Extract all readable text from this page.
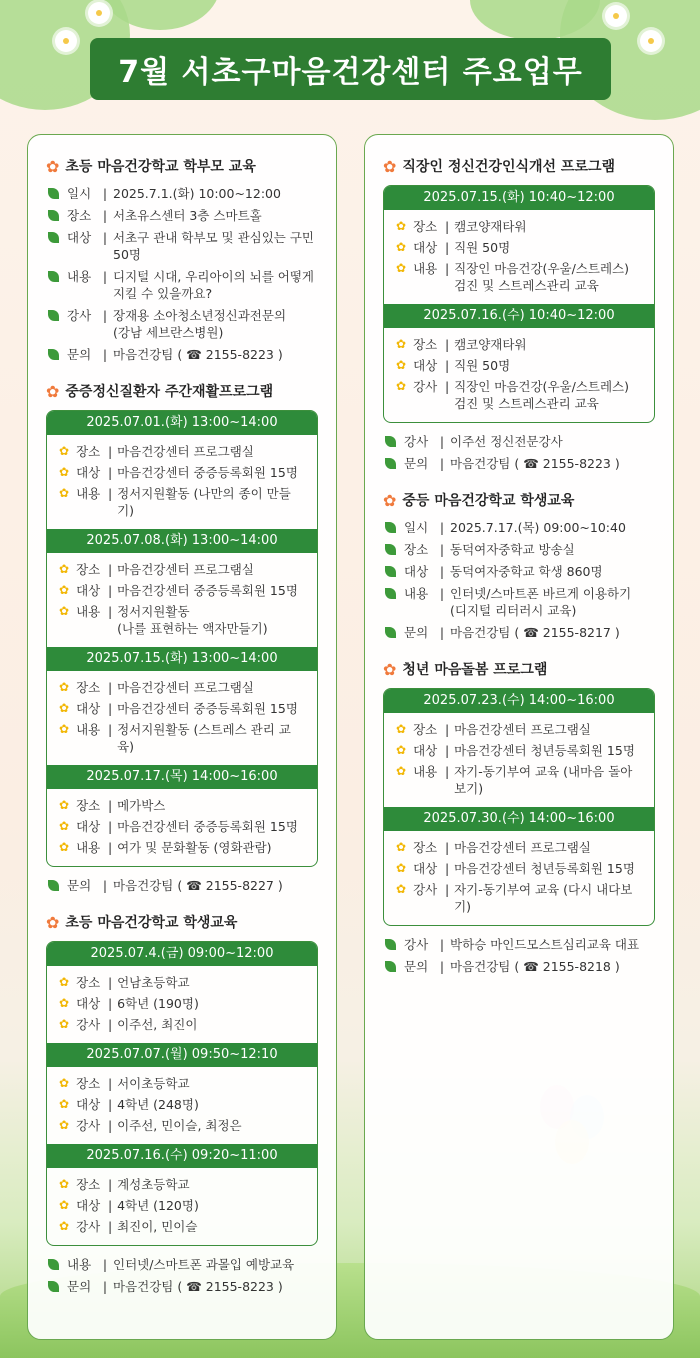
7월 서초구마음건강센터 주요업무
✿ 초등 마음건강학교 학부모 교육
일시 | 2025.7.1.(화) 10:00~12:00
장소 | 서초유스센터 3층 스마트홀
대상 | 서초구 관내 학부모 및 관심있는 구민 50명
내용 | 디지털 시대, 우리아이의 뇌를 어떻게
지킬 수 있을까요?
강사 | 장재용 소아청소년정신과전문의
(강남 세브란스병원)
문의 | 마음건강팀 ( ☎ 2155-8223 )
✿ 중증정신질환자 주간재활프로그램
2025.07.01.(화) 13:00~14:00
✿ 장소 | 마음건강센터 프로그램실
✿ 대상 | 마음건강센터 중증등록회원 15명
✿ 내용 | 정서지원활동 (나만의 종이 만들기)
2025.07.08.(화) 13:00~14:00
✿ 장소 | 마음건강센터 프로그램실
✿ 대상 | 마음건강센터 중증등록회원 15명
✿ 내용 | 정서지원활동
(나를 표현하는 액자만들기)
2025.07.15.(화) 13:00~14:00
✿ 장소 | 마음건강센터 프로그램실
✿ 대상 | 마음건강센터 중증등록회원 15명
✿ 내용 | 정서지원활동 (스트레스 관리 교육)
2025.07.17.(목) 14:00~16:00
✿ 장소 | 메가박스
✿ 대상 | 마음건강센터 중증등록회원 15명
✿ 내용 | 여가 및 문화활동 (영화관람)
문의 | 마음건강팀 ( ☎ 2155-8227 )
✿ 초등 마음건강학교 학생교육
2025.07.4.(금) 09:00~12:00
✿ 장소 | 언남초등학교
✿ 대상 | 6학년 (190명)
✿ 강사 | 이주선, 최진이
2025.07.07.(월) 09:50~12:10
✿ 장소 | 서이초등학교
✿ 대상 | 4학년 (248명)
✿ 강사 | 이주선, 민이슬, 최정은
2025.07.16.(수) 09:20~11:00
✿ 장소 | 계성초등학교
✿ 대상 | 4학년 (120명)
✿ 강사 | 최진이, 민이슬
내용 | 인터넷/스마트폰 과몰입 예방교육
문의 | 마음건강팀 ( ☎ 2155-8223 )
✿ 직장인 정신건강인식개선 프로그램
2025.07.15.(화) 10:40~12:00
✿ 장소 | 캠코양재타워
✿ 대상 | 직원 50명
✿ 내용 | 직장인 마음건강(우울/스트레스)
검진 및 스트레스관리 교육
2025.07.16.(수) 10:40~12:00
✿ 장소 | 캠코양재타워
✿ 대상 | 직원 50명
✿ 강사 | 직장인 마음건강(우울/스트레스)
검진 및 스트레스관리 교육
강사 | 이주선 정신전문강사
문의 | 마음건강팀 ( ☎ 2155-8223 )
✿ 중등 마음건강학교 학생교육
일시 | 2025.7.17.(목) 09:00~10:40
장소 | 동덕여자중학교 방송실
대상 | 동덕여자중학교 학생 860명
내용 | 인터넷/스마트폰 바르게 이용하기
(디지털 리터러시 교육)
문의 | 마음건강팀 ( ☎ 2155-8217 )
✿ 청년 마음돌봄 프로그램
2025.07.23.(수) 14:00~16:00
✿ 장소 | 마음건강센터 프로그램실
✿ 대상 | 마음건강센터 청년등록회원 15명
✿ 내용 | 자기-동기부여 교육 (내마음 돌아보기)
2025.07.30.(수) 14:00~16:00
✿ 장소 | 마음건강센터 프로그램실
✿ 대상 | 마음건강센터 청년등록회원 15명
✿ 강사 | 자기-동기부여 교육 (다시 내다보기)
강사 | 박하승 마인드모스트심리교육 대표
문의 | 마음건강팀 ( ☎ 2155-8218 )
